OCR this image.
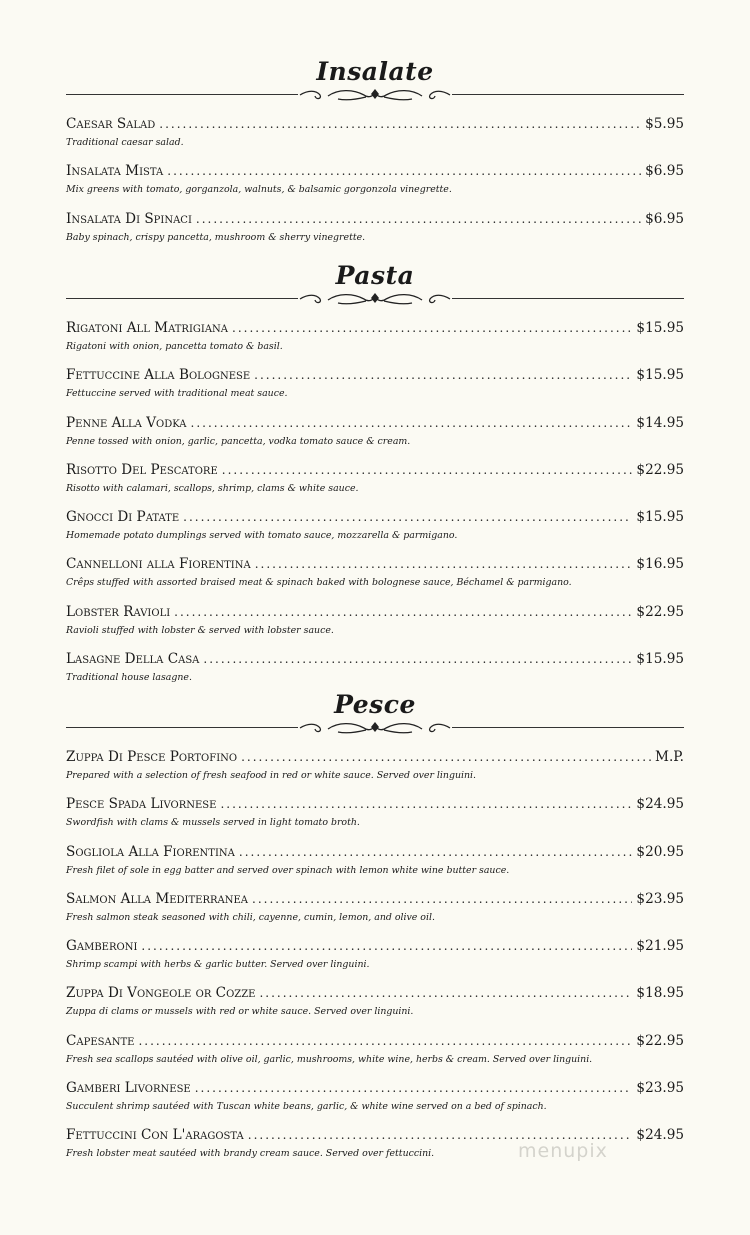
Insalate
Caesar Salad .....	$5.95
Traditional caesar salad.
Insalata Mista .....	$6.95
Mix greens with tomato, gorganzola, walnuts, & balsamic gorgonzola vinegrette.
Insalata Di Spinaci .....	$6.95
Baby spinach, crispy pancetta, mushroom & sherry vinegrette.
Pasta
Rigatoni All Matrigiana .....	$15.95
Rigatoni with onion, pancetta tomato & basil.
Fettuccine Alla Bolognese .....	$15.95
Fettuccine served with traditional meat sauce.
Penne Alla Vodka .....	$14.95
Penne tossed with onion, garlic, pancetta, vodka tomato sauce & cream.
Risotto Del Pescatore .....	$22.95
Risotto with calamari, scallops, shrimp, clams & white sauce.
Gnocci Di Patate .....	$15.95
Homemade potato dumplings served with tomato sauce, mozzarella & parmigano.
Cannelloni alla Fiorentina .....	$16.95
Crêps stuffed with assorted braised meat & spinach baked with bolognese sauce, Béchamel & parmigano.
Lobster Ravioli .....	$22.95
Ravioli stuffed with lobster & served with lobster sauce.
Lasagne Della Casa .....	$15.95
Traditional house lasagne.
Pesce
Zuppa Di Pesce Portofino .....	M.P.
Prepared with a selection of fresh seafood in red or white sauce. Served over linguini.
Pesce Spada Livornese .....	$24.95
Swordfish with clams & mussels served in light tomato broth.
Sogliola Alla Fiorentina .....	$20.95
Fresh filet of sole in egg batter and served over spinach with lemon white wine butter sauce.
Salmon Alla Mediterranea .....	$23.95
Fresh salmon steak seasoned with chili, cayenne, cumin, lemon, and olive oil.
Gamberoni .....	$21.95
Shrimp scampi with herbs & garlic butter. Served over linguini.
Zuppa Di Vongeole or Cozze .....	$18.95
Zuppa di clams or mussels with red or white sauce. Served over linguini.
Capesante .....	$22.95
Fresh sea scallops sautéed with olive oil, garlic, mushrooms, white wine, herbs & cream. Served over linguini.
Gamberi Livornese .....	$23.95
Succulent shrimp sautéed with Tuscan white beans, garlic, & white wine served on a bed of spinach.
Fettuccini Con L'aragosta .....	$24.95
Fresh lobster meat sautéed with brandy cream sauce. Served over fettuccini.	menupix
